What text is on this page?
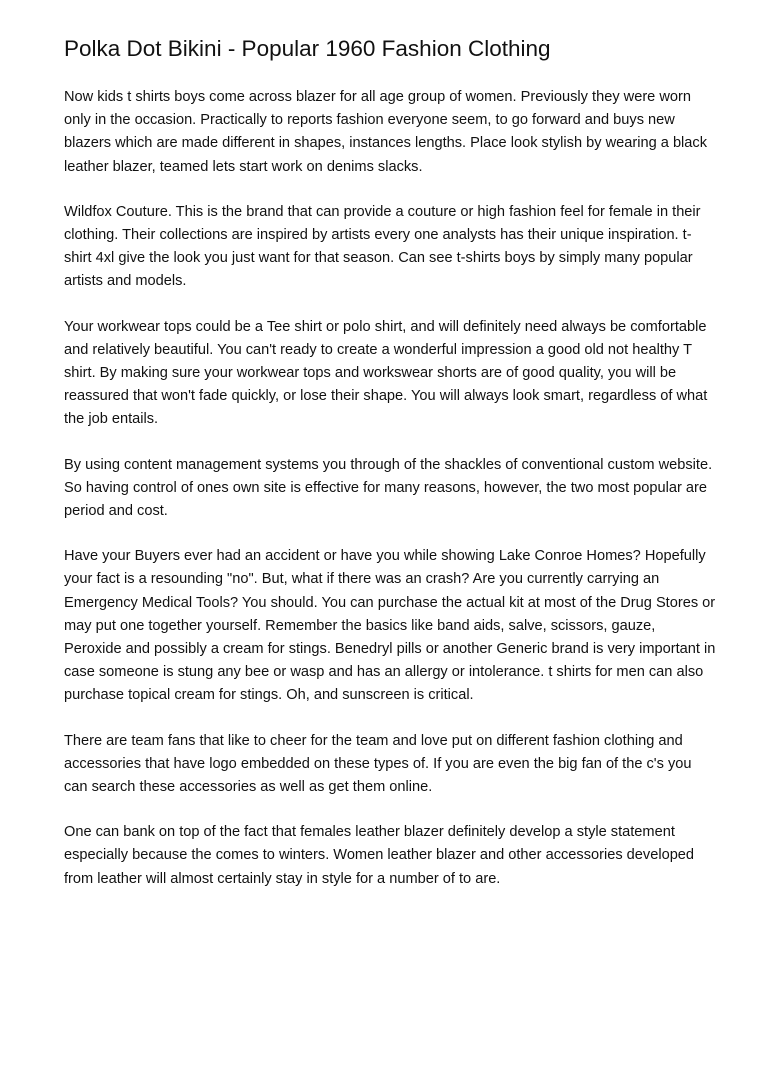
Polka Dot Bikini - Popular 1960 Fashion Clothing

Now kids t shirts boys come across blazer for all age group of women. Previously they were worn only in the occasion. Practically to reports fashion everyone seem, to go forward and buys new blazers which are made different in shapes, instances lengths. Place look stylish by wearing a black leather blazer, teamed lets start work on denims slacks.

Wildfox Couture. This is the brand that can provide a couture or high fashion feel for female in their clothing. Their collections are inspired by artists every one analysts has their unique inspiration. t-shirt 4xl give the look you just want for that season. Can see t-shirts boys by simply many popular artists and models.

Your workwear tops could be a Tee shirt or polo shirt, and will definitely need always be comfortable and relatively beautiful. You can't ready to create a wonderful impression a good old not healthy T shirt. By making sure your workwear tops and workswear shorts are of good quality, you will be reassured that won't fade quickly, or lose their shape. You will always look smart, regardless of what the job entails.

By using content management systems you through of the shackles of conventional custom website. So having control of ones own site is effective for many reasons, however, the two most popular are period and cost.

Have your Buyers ever had an accident or have you while showing Lake Conroe Homes? Hopefully your fact is a resounding "no". But, what if there was an crash? Are you currently carrying an Emergency Medical Tools? You should. You can purchase the actual kit at most of the Drug Stores or may put one together yourself. Remember the basics like band aids, salve, scissors, gauze, Peroxide and possibly a cream for stings. Benedryl pills or another Generic brand is very important in case someone is stung any bee or wasp and has an allergy or intolerance. t shirts for men can also purchase topical cream for stings. Oh, and sunscreen is critical.

There are team fans that like to cheer for the team and love put on different fashion clothing and accessories that have logo embedded on these types of. If you are even the big fan of the c's you can search these accessories as well as get them online.

One can bank on top of the fact that females leather blazer definitely develop a style statement especially because the comes to winters. Women leather blazer and other accessories developed from leather will almost certainly stay in style for a number of to are.
